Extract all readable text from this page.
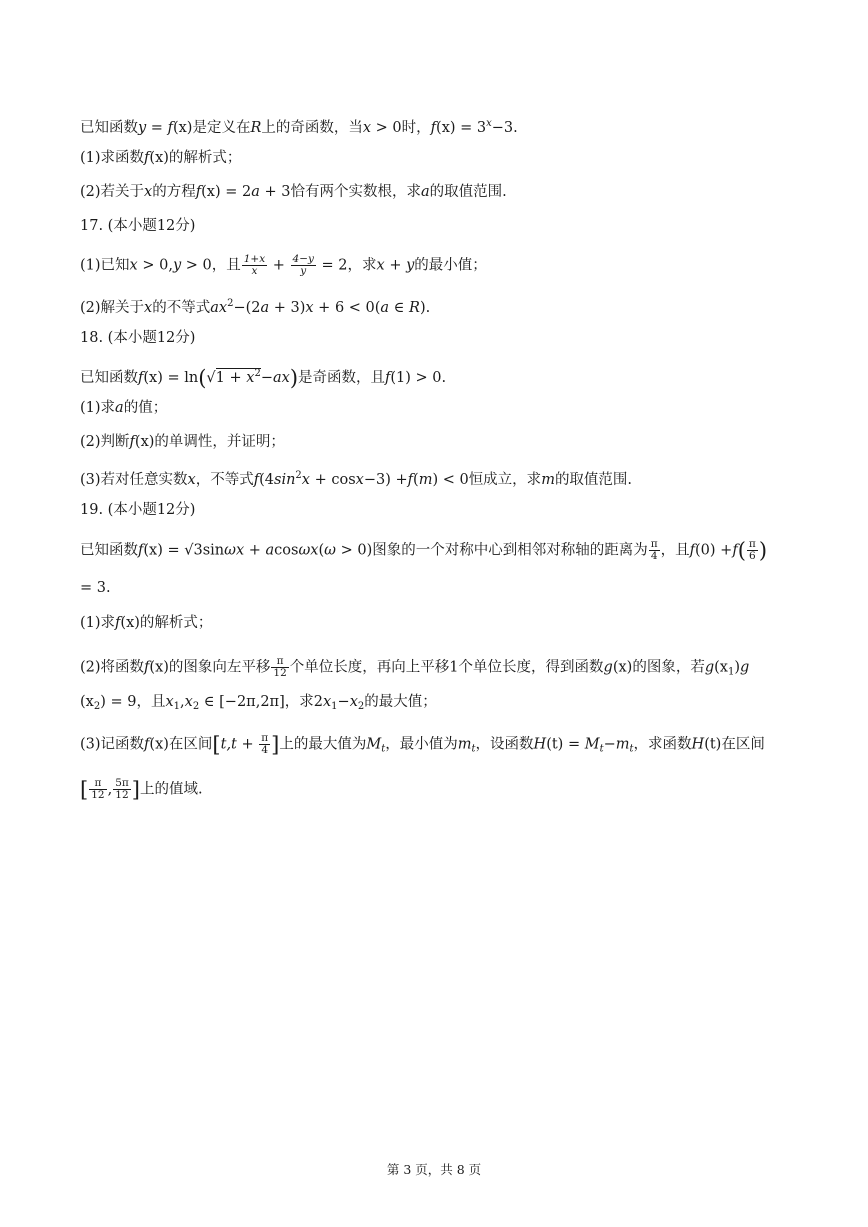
已知函数y = f(x)是定义在R上的奇函数，当x > 0时，$f(x) = 3^x-3$.
(1)求函数f(x)的解析式；
(2)若关于x的方程f(x) = 2a + 3恰有两个实数根，求a的取值范围.
17. (本小题12分)
(1)已知x > 0,y > 0，且 $\frac{1+x}{x} + \frac{4-y}{y} = 2$，求x + y的最小值；
(2)解关于x的不等式$ax^2-(2a + 3)x + 6 < 0(a$ ∈ R).
18. (本小题12分)
已知函数$f(x) = \ln(√1 + x^2-ax)$是奇函数，且f(1) > 0.
(1)求a的值；
(2)判断f(x)的单调性，并证明；
(3)若对任意实数x，不等式$f(4\sin^2x + \cos x-3) +f(m) < 0$恒成立，求m的取值范围.
19. (本小题12分)
已知函数f(x) = √3sinωx + acosωx(ω > 0)图象的一个对称中心到相邻对称轴的距离为 $\frac{\pi}{4}$ ，且$f(0) +f( \frac{\pi}{6}$ )
= 3.
(1)求f(x)的解析式；
(2)将函数f(x)的图象向左平移 $\frac{\pi}{12}$ 个单位长度，再向上平移1个单位长度，得到函数g(x)的图象，若$g(x_1)g$
$(x_2) = 9$，且$x_1,x_2$ ∈ [−2π,2π]，求$2x_1-x_2$的最大值；
(3)记函数f(x)在区间[$t,t + \frac{\pi}{4}$ ]上的最大值为$M_t$，最小值为$m_t$，设函数$H(t) = M_t-m_t$，求函数H(t)在区间
[ $\frac{\pi}{12}$ , $\frac{5\pi}{12}$ ]上的值域.
第 3 页，共 8 页
